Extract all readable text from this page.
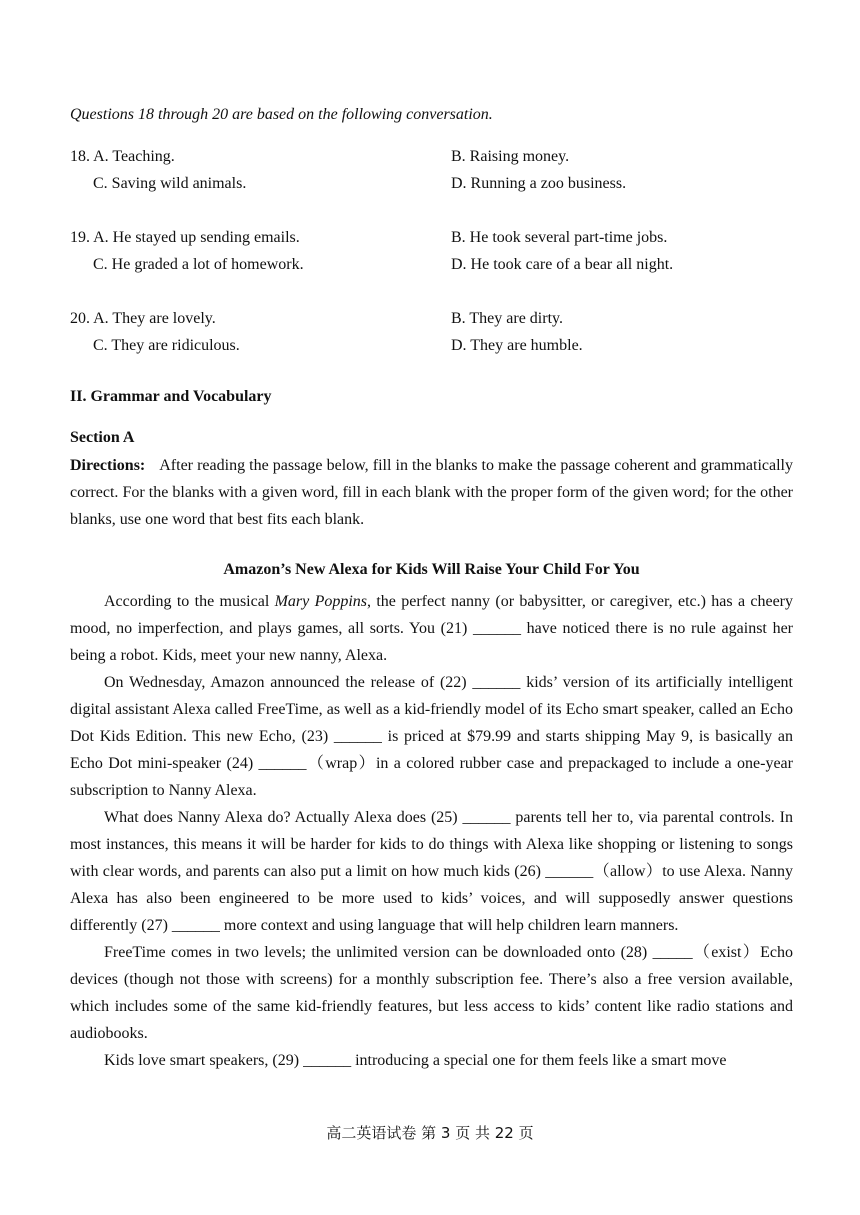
Questions 18 through 20 are based on the following conversation.
18. A. Teaching.	B. Raising money.
C. Saving wild animals.	D. Running a zoo business.
19. A. He stayed up sending emails.	B. He took several part-time jobs.
C. He graded a lot of homework.	D. He took care of a bear all night.
20. A. They are lovely.	B. They are dirty.
C. They are ridiculous.	D. They are humble.
II. Grammar and Vocabulary
Section A
Directions: After reading the passage below, fill in the blanks to make the passage coherent and grammatically correct. For the blanks with a given word, fill in each blank with the proper form of the given word; for the other blanks, use one word that best fits each blank.
Amazon’s New Alexa for Kids Will Raise Your Child For You

According to the musical Mary Poppins, the perfect nanny (or babysitter, or caregiver, etc.) has a cheery mood, no imperfection, and plays games, all sorts. You (21) ______ have noticed there is no rule against her being a robot. Kids, meet your new nanny, Alexa.

On Wednesday, Amazon announced the release of (22) ______ kids’ version of its artificially intelligent digital assistant Alexa called FreeTime, as well as a kid-friendly model of its Echo smart speaker, called an Echo Dot Kids Edition. This new Echo, (23) ______ is priced at $79.99 and starts shipping May 9, is basically an Echo Dot mini-speaker (24) ______（wrap）in a colored rubber case and prepackaged to include a one-year subscription to Nanny Alexa.

What does Nanny Alexa do? Actually Alexa does (25) ______ parents tell her to, via parental controls. In most instances, this means it will be harder for kids to do things with Alexa like shopping or listening to songs with clear words, and parents can also put a limit on how much kids (26) ______（allow）to use Alexa. Nanny Alexa has also been engineered to be more used to kids’ voices, and will supposedly answer questions differently (27) ______ more context and using language that will help children learn manners.

FreeTime comes in two levels; the unlimited version can be downloaded onto (28) _____（exist）Echo devices (though not those with screens) for a monthly subscription fee. There’s also a free version available, which includes some of the same kid-friendly features, but less access to kids’ content like radio stations and audiobooks.

Kids love smart speakers, (29) ______ introducing a special one for them feels like a smart move

高二英语试卷 第 3 页 共 22 页
